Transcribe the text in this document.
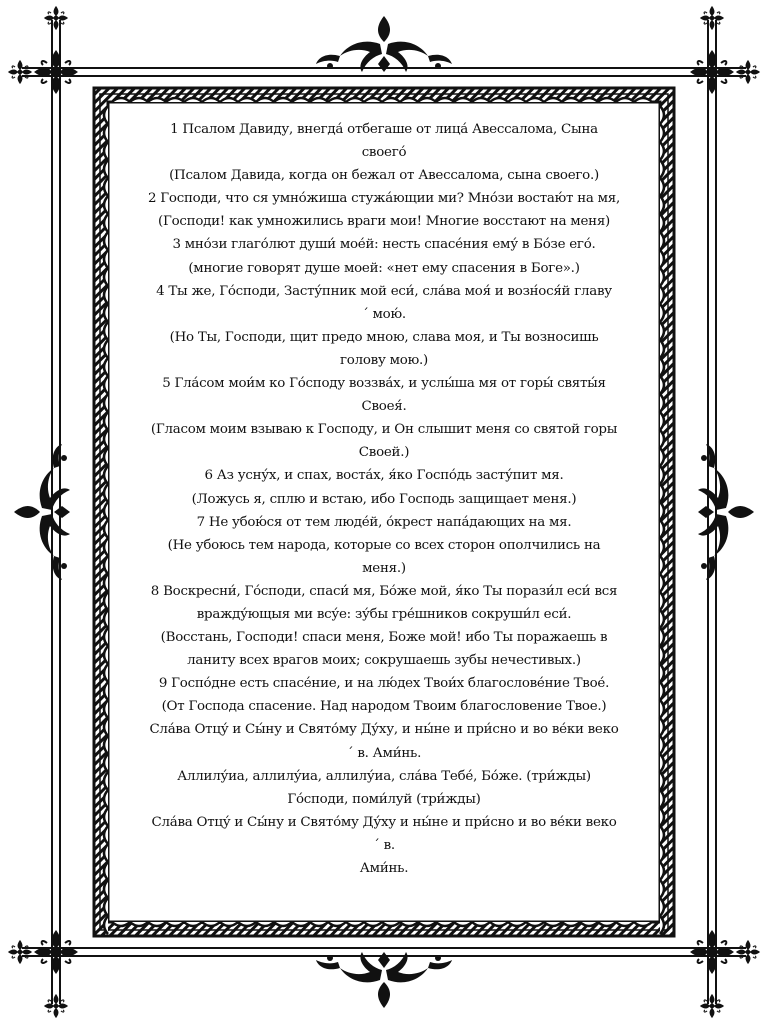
1 Псалом Давиду, внегда́ отбегаше от лица́ Авессалома, Сына
своего́
(Псалом Давида, когда он бежал от Авессалома, сына своего.)
2 Господи, что ся умно́жиша стужа́ющии ми? Мно́зи востаю́т на мя,
(Господи! как умножились враги мои! Многие восстают на меня)
3 мно́зи глаго́лют души́ мое́й: несть спасе́ния ему́ в Бо́зе его́.
(многие говорят душе моей: «нет ему спасения в Боге».)
4 Ты же, Го́споди, Засту́пник мой еси́, сла́ва моя́ и возн́ося́й главу
´ мою́.
(Но Ты, Господи, щит предо мною, слава моя, и Ты возносишь
голову мою.)
5 Гла́сом мои́м ко Го́споду воззва́х, и услы́ша мя от горы́ святы́я
Своея́.
(Гласом моим взываю к Господу, и Он слышит меня со святой горы
Своей.)
6 Аз усну́х, и спах, воста́х, я́ко Госпо́дь засту́пит мя.
(Ложусь я, сплю и встаю, ибо Господь защищает меня.)
7 Не убою́ся от тем люде́й, о́крест напа́дающих на мя.
(Не убоюсь тем народа, которые со всех сторон ополчились на
меня.)
8 Воскресни́, Го́споди, спаси́ мя, Бо́же мой, я́ко Ты порази́л еси́ вся
вражду́ющыя ми всу́е: зу́бы гре́шников сокруши́л еси́.
(Восстань, Господи! спаси меня, Боже мой! ибо Ты поражаешь в
ланиту всех врагов моих; сокрушаешь зубы нечестивых.)
9 Госпо́дне есть спасе́ние, и на лю́дех Твои́х благослове́ние Твое́.
(От Господа спасение. Над народом Твоим благословение Твое.)
Сла́ва Отцу́ и Сы́ну и Свято́му Ду́ху, и ны́не и при́сно и во ве́ки веко
´ в. Ами́нь.
Аллилу́иа, аллилу́иа, аллилу́иа, сла́ва Тебе́, Бо́же. (три́жды)
Го́споди, поми́луй (три́жды)
Сла́ва Отцу́ и Сы́ну и Свято́му Ду́ху и ны́не и при́сно и во ве́ки веко
´ в.
Ами́нь.
